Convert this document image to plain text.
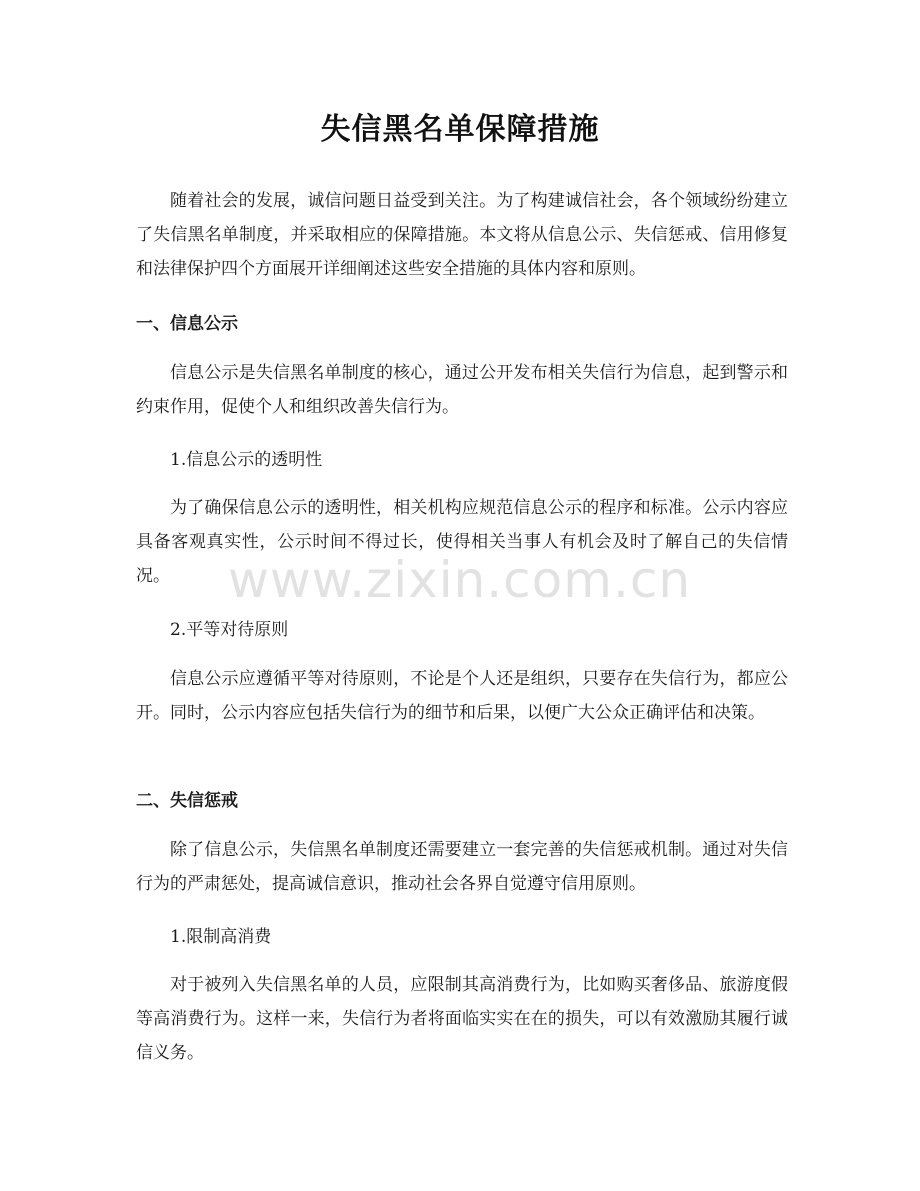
失信黑名单保障措施

随着社会的发展，诚信问题日益受到关注。为了构建诚信社会，各个领域纷纷建立了失信黑名单制度，并采取相应的保障措施。本文将从信息公示、失信惩戒、信用修复和法律保护四个方面展开详细阐述这些安全措施的具体内容和原则。

一、信息公示

信息公示是失信黑名单制度的核心，通过公开发布相关失信行为信息，起到警示和约束作用，促使个人和组织改善失信行为。

1.信息公示的透明性

为了确保信息公示的透明性，相关机构应规范信息公示的程序和标准。公示内容应具备客观真实性，公示时间不得过长，使得相关当事人有机会及时了解自己的失信情况。

2.平等对待原则

信息公示应遵循平等对待原则，不论是个人还是组织，只要存在失信行为，都应公开。同时，公示内容应包括失信行为的细节和后果，以便广大公众正确评估和决策。

二、失信惩戒

除了信息公示，失信黑名单制度还需要建立一套完善的失信惩戒机制。通过对失信行为的严肃惩处，提高诚信意识，推动社会各界自觉遵守信用原则。

1.限制高消费

对于被列入失信黑名单的人员，应限制其高消费行为，比如购买奢侈品、旅游度假等高消费行为。这样一来，失信行为者将面临实实在在的损失，可以有效激励其履行诚信义务。

www.zixin.com.cn
